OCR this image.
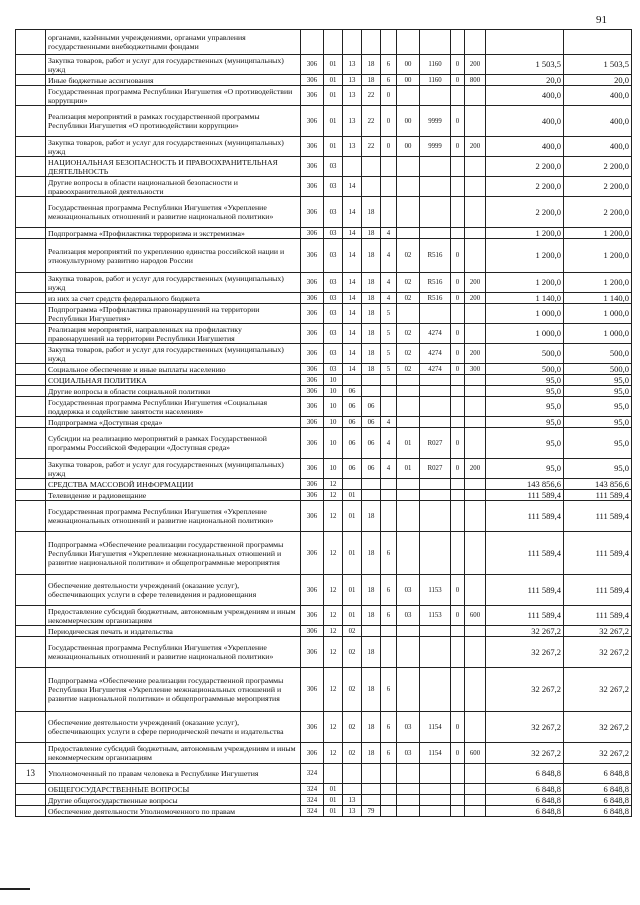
91
	органами, казёнными учреждениями, органами управления государственными внебюджетными фондами											
	Закупка товаров, работ и услуг для государственных (муниципальных) нужд	306	01	13	18	6	00	1160	0	200	1 503,5	1 503,5
	Иные бюджетные ассигнования	306	01	13	18	6	00	1160	0	800	20,0	20,0
	Государственная программа Республики Ингушетия «О противодействии коррупции»	306	01	13	22	0					400,0	400,0
	Реализация мероприятий в рамках государственной программы Республики Ингушетия «О противодействии коррупции»	306	01	13	22	0	00	9999	0		400,0	400,0
	Закупка товаров, работ и услуг для государственных (муниципальных) нужд	306	01	13	22	0	00	9999	0	200	400,0	400,0
	НАЦИОНАЛЬНАЯ БЕЗОПАСНОСТЬ И ПРАВООХРАНИТЕЛЬНАЯ ДЕЯТЕЛЬНОСТЬ	306	03								2 200,0	2 200,0
	Другие вопросы в области национальной безопасности и правоохранительной деятельности	306	03	14							2 200,0	2 200,0
	Государственная программа Республики Ингушетия «Укрепление межнациональных отношений и развитие национальной политики»	306	03	14	18						2 200,0	2 200,0
	Подпрограмма «Профилактика терроризма и экстремизма»	306	03	14	18	4					1 200,0	1 200,0
	Реализация мероприятий по укреплению единства российской нации и этнокультурному развитию народов России	306	03	14	18	4	02	R516	0		1 200,0	1 200,0
	Закупка товаров, работ и услуг для государственных (муниципальных) нужд	306	03	14	18	4	02	R516	0	200	1 200,0	1 200,0
	из них за счет средств федерального бюджета	306	03	14	18	4	02	R516	0	200	1 140,0	1 140,0
	Подпрограмма «Профилактика правонарушений на территории Республики Ингушетия»	306	03	14	18	5					1 000,0	1 000,0
	Реализация мероприятий, направленных на профилактику правонарушений на территории Республики Ингушетия	306	03	14	18	5	02	4274	0		1 000,0	1 000,0
	Закупка товаров, работ и услуг для государственных (муниципальных) нужд	306	03	14	18	5	02	4274	0	200	500,0	500,0
	Социальное обеспечение и иные выплаты населению	306	03	14	18	5	02	4274	0	300	500,0	500,0
	СОЦИАЛЬНАЯ ПОЛИТИКА	306	10								95,0	95,0
	Другие вопросы в области социальной политики	306	10	06							95,0	95,0
	Государственная программа Республики Ингушетия «Социальная поддержка и содействие занятости населения»	306	10	06	06						95,0	95,0
	Подпрограмма «Доступная среда»	306	10	06	06	4					95,0	95,0
	Субсидии на реализацию мероприятий в рамках Государственной программы Российской Федерации «Доступная среда»	306	10	06	06	4	01	R027	0		95,0	95,0
	Закупка товаров, работ и услуг для государственных (муниципальных) нужд	306	10	06	06	4	01	R027	0	200	95,0	95,0
	СРЕДСТВА МАССОВОЙ ИНФОРМАЦИИ	306	12								143 856,6	143 856,6
	Телевидение и радиовещание	306	12	01							111 589,4	111 589,4
	Государственная программа Республики Ингушетия «Укрепление межнациональных отношений и развитие национальной политики»	306	12	01	18						111 589,4	111 589,4
	Подпрограмма «Обеспечение реализации государственной программы Республики Ингушетия «Укрепление межнациональных отношений и развитие национальной политики» и общепрограммные мероприятия	306	12	01	18	6					111 589,4	111 589,4
	Обеспечение деятельности учреждений (оказание услуг), обеспечивающих услуги в сфере телевидения и радиовещания	306	12	01	18	6	03	1153	0		111 589,4	111 589,4
	Предоставление субсидий бюджетным, автономным учреждениям и иным некоммерческим организациям	306	12	01	18	6	03	1153	0	600	111 589,4	111 589,4
	Периодическая печать и издательства	306	12	02							32 267,2	32 267,2
	Государственная программа Республики Ингушетия «Укрепление межнациональных отношений и развитие национальной политики»	306	12	02	18						32 267,2	32 267,2
	Подпрограмма «Обеспечение реализации государственной программы Республики Ингушетия «Укрепление межнациональных отношений и развитие национальной политики» и общепрограммные мероприятия	306	12	02	18	6					32 267,2	32 267,2
	Обеспечение деятельности учреждений (оказание услуг), обеспечивающих услуги в сфере периодической печати и издательства	306	12	02	18	6	03	1154	0		32 267,2	32 267,2
	Предоставление субсидий бюджетным, автономным учреждениям и иным некоммерческим организациям	306	12	02	18	6	03	1154	0	600	32 267,2	32 267,2
13	Уполномоченный по правам человека в Республике Ингушетия	324									6 848,8	6 848,8
	ОБЩЕГОСУДАРСТВЕННЫЕ ВОПРОСЫ	324	01								6 848,8	6 848,8
	Другие общегосударственные вопросы	324	01	13							6 848,8	6 848,8
	Обеспечение деятельности Уполномоченного по правам	324	01	13	79						6 848,8	6 848,8
